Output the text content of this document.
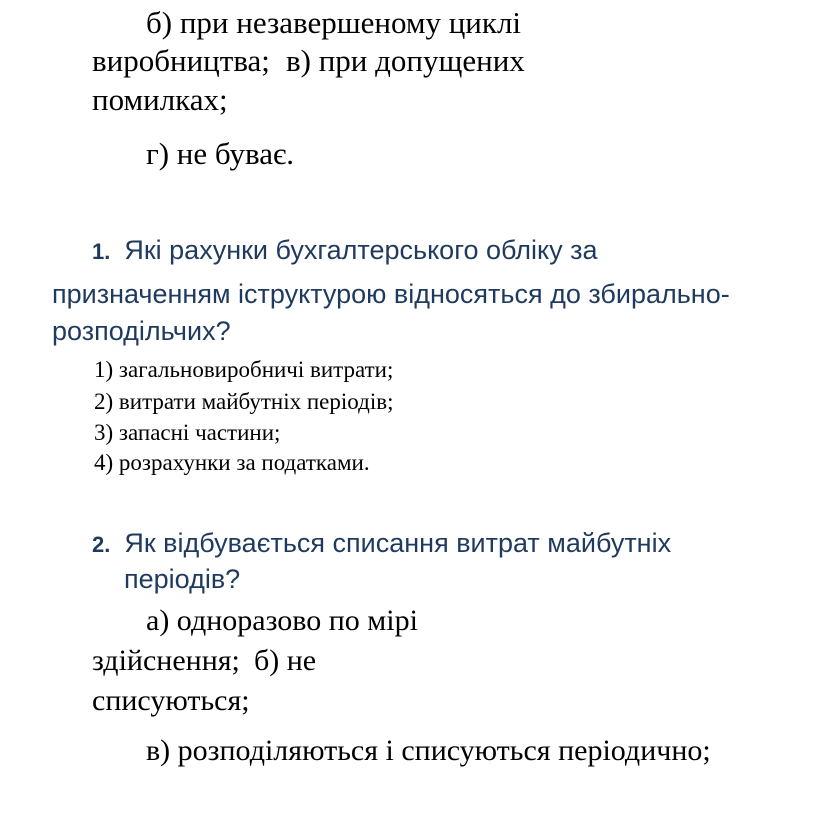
б) при незавершеному циклі
виробництва; в) при допущених
помилках;
г) не буває.
1. Які рахунки бухгалтерського обліку за
призначенням іструктурою відносяться до збирально-
розподільчих?
1) загальновиробничі витрати;
2) витрати майбутніх періодів;
3) запасні частини;
4) розрахунки за податками.
2. Як відбувається списання витрат майбутніх
періодів?
а) одноразово по мірі
здійснення; б) не
списуються;
в) розподіляються і списуються періодично;
